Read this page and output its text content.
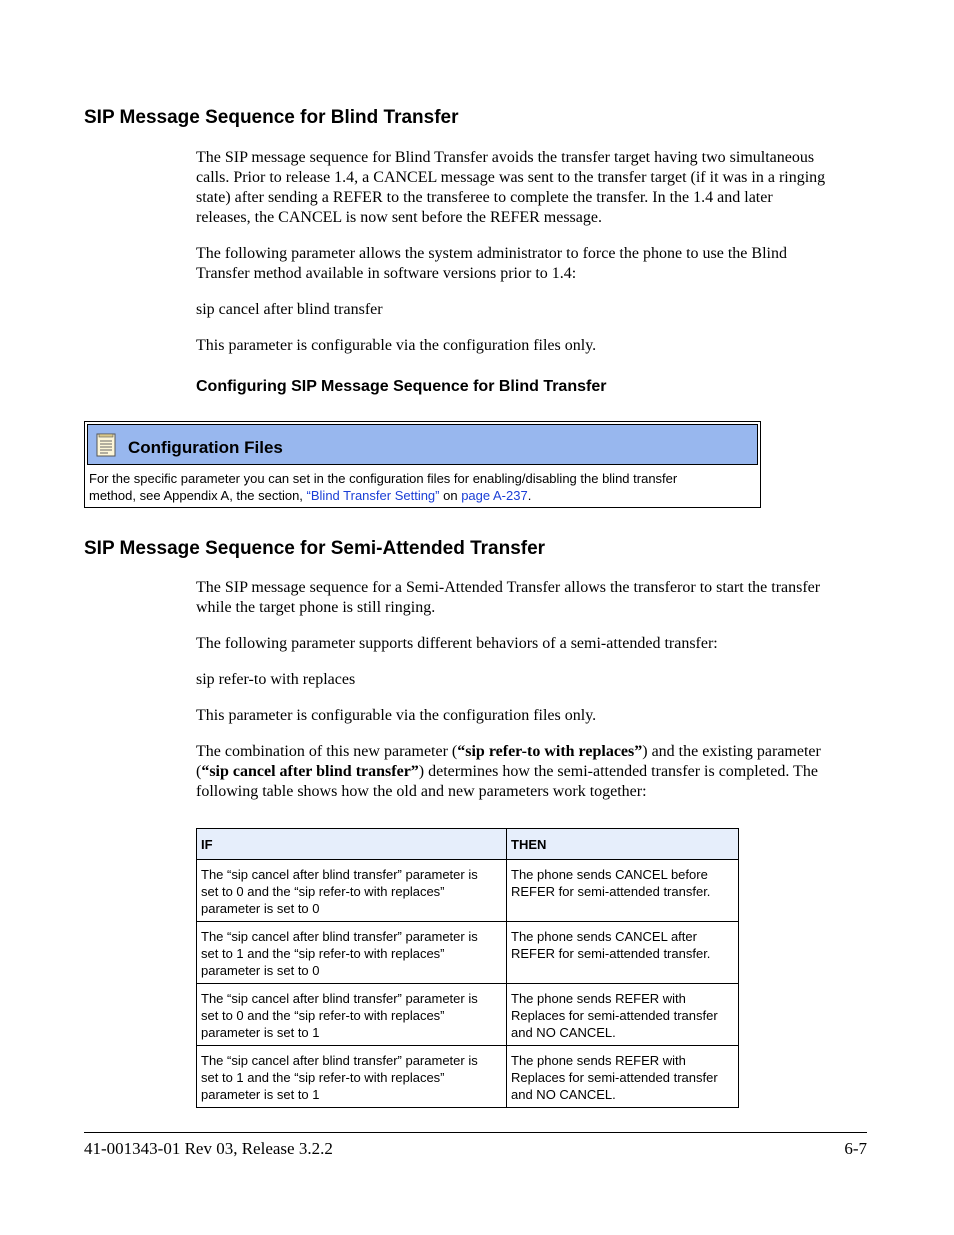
SIP Message Sequence for Blind Transfer
The SIP message sequence for Blind Transfer avoids the transfer target having two simultaneous
calls. Prior to release 1.4, a CANCEL message was sent to the transfer target (if it was in a ringing
state) after sending a REFER to the transferee to complete the transfer. In the 1.4 and later
releases, the CANCEL is now sent before the REFER message.
The following parameter allows the system administrator to force the phone to use the Blind
Transfer method available in software versions prior to 1.4:
sip cancel after blind transfer
This parameter is configurable via the configuration files only.
Configuring SIP Message Sequence for Blind Transfer
Configuration Files
For the specific parameter you can set in the configuration files for enabling/disabling the blind transfer
method, see Appendix A, the section, “Blind Transfer Setting” on page A-237.
SIP Message Sequence for Semi-Attended Transfer
The SIP message sequence for a Semi-Attended Transfer allows the transferor to start the transfer
while the target phone is still ringing.
The following parameter supports different behaviors of a semi-attended transfer:
sip refer-to with replaces
This parameter is configurable via the configuration files only.
The combination of this new parameter (“sip refer-to with replaces”) and the existing parameter
(“sip cancel after blind transfer”) determines how the semi-attended transfer is completed. The
following table shows how the old and new parameters work together:
IF	THEN

The “sip cancel after blind transfer” parameter is
set to 0 and the “sip refer-to with replaces”
parameter is set to 0	The phone sends CANCEL before
REFER for semi-attended transfer.

The “sip cancel after blind transfer” parameter is
set to 1 and the “sip refer-to with replaces”
parameter is set to 0	The phone sends CANCEL after
REFER for semi-attended transfer.

The “sip cancel after blind transfer” parameter is
set to 0 and the “sip refer-to with replaces”
parameter is set to 1	The phone sends REFER with
Replaces for semi-attended transfer
and NO CANCEL.

The “sip cancel after blind transfer” parameter is
set to 1 and the “sip refer-to with replaces”
parameter is set to 1	The phone sends REFER with
Replaces for semi-attended transfer
and NO CANCEL.
41-001343-01 Rev 03, Release 3.2.2	6-7
